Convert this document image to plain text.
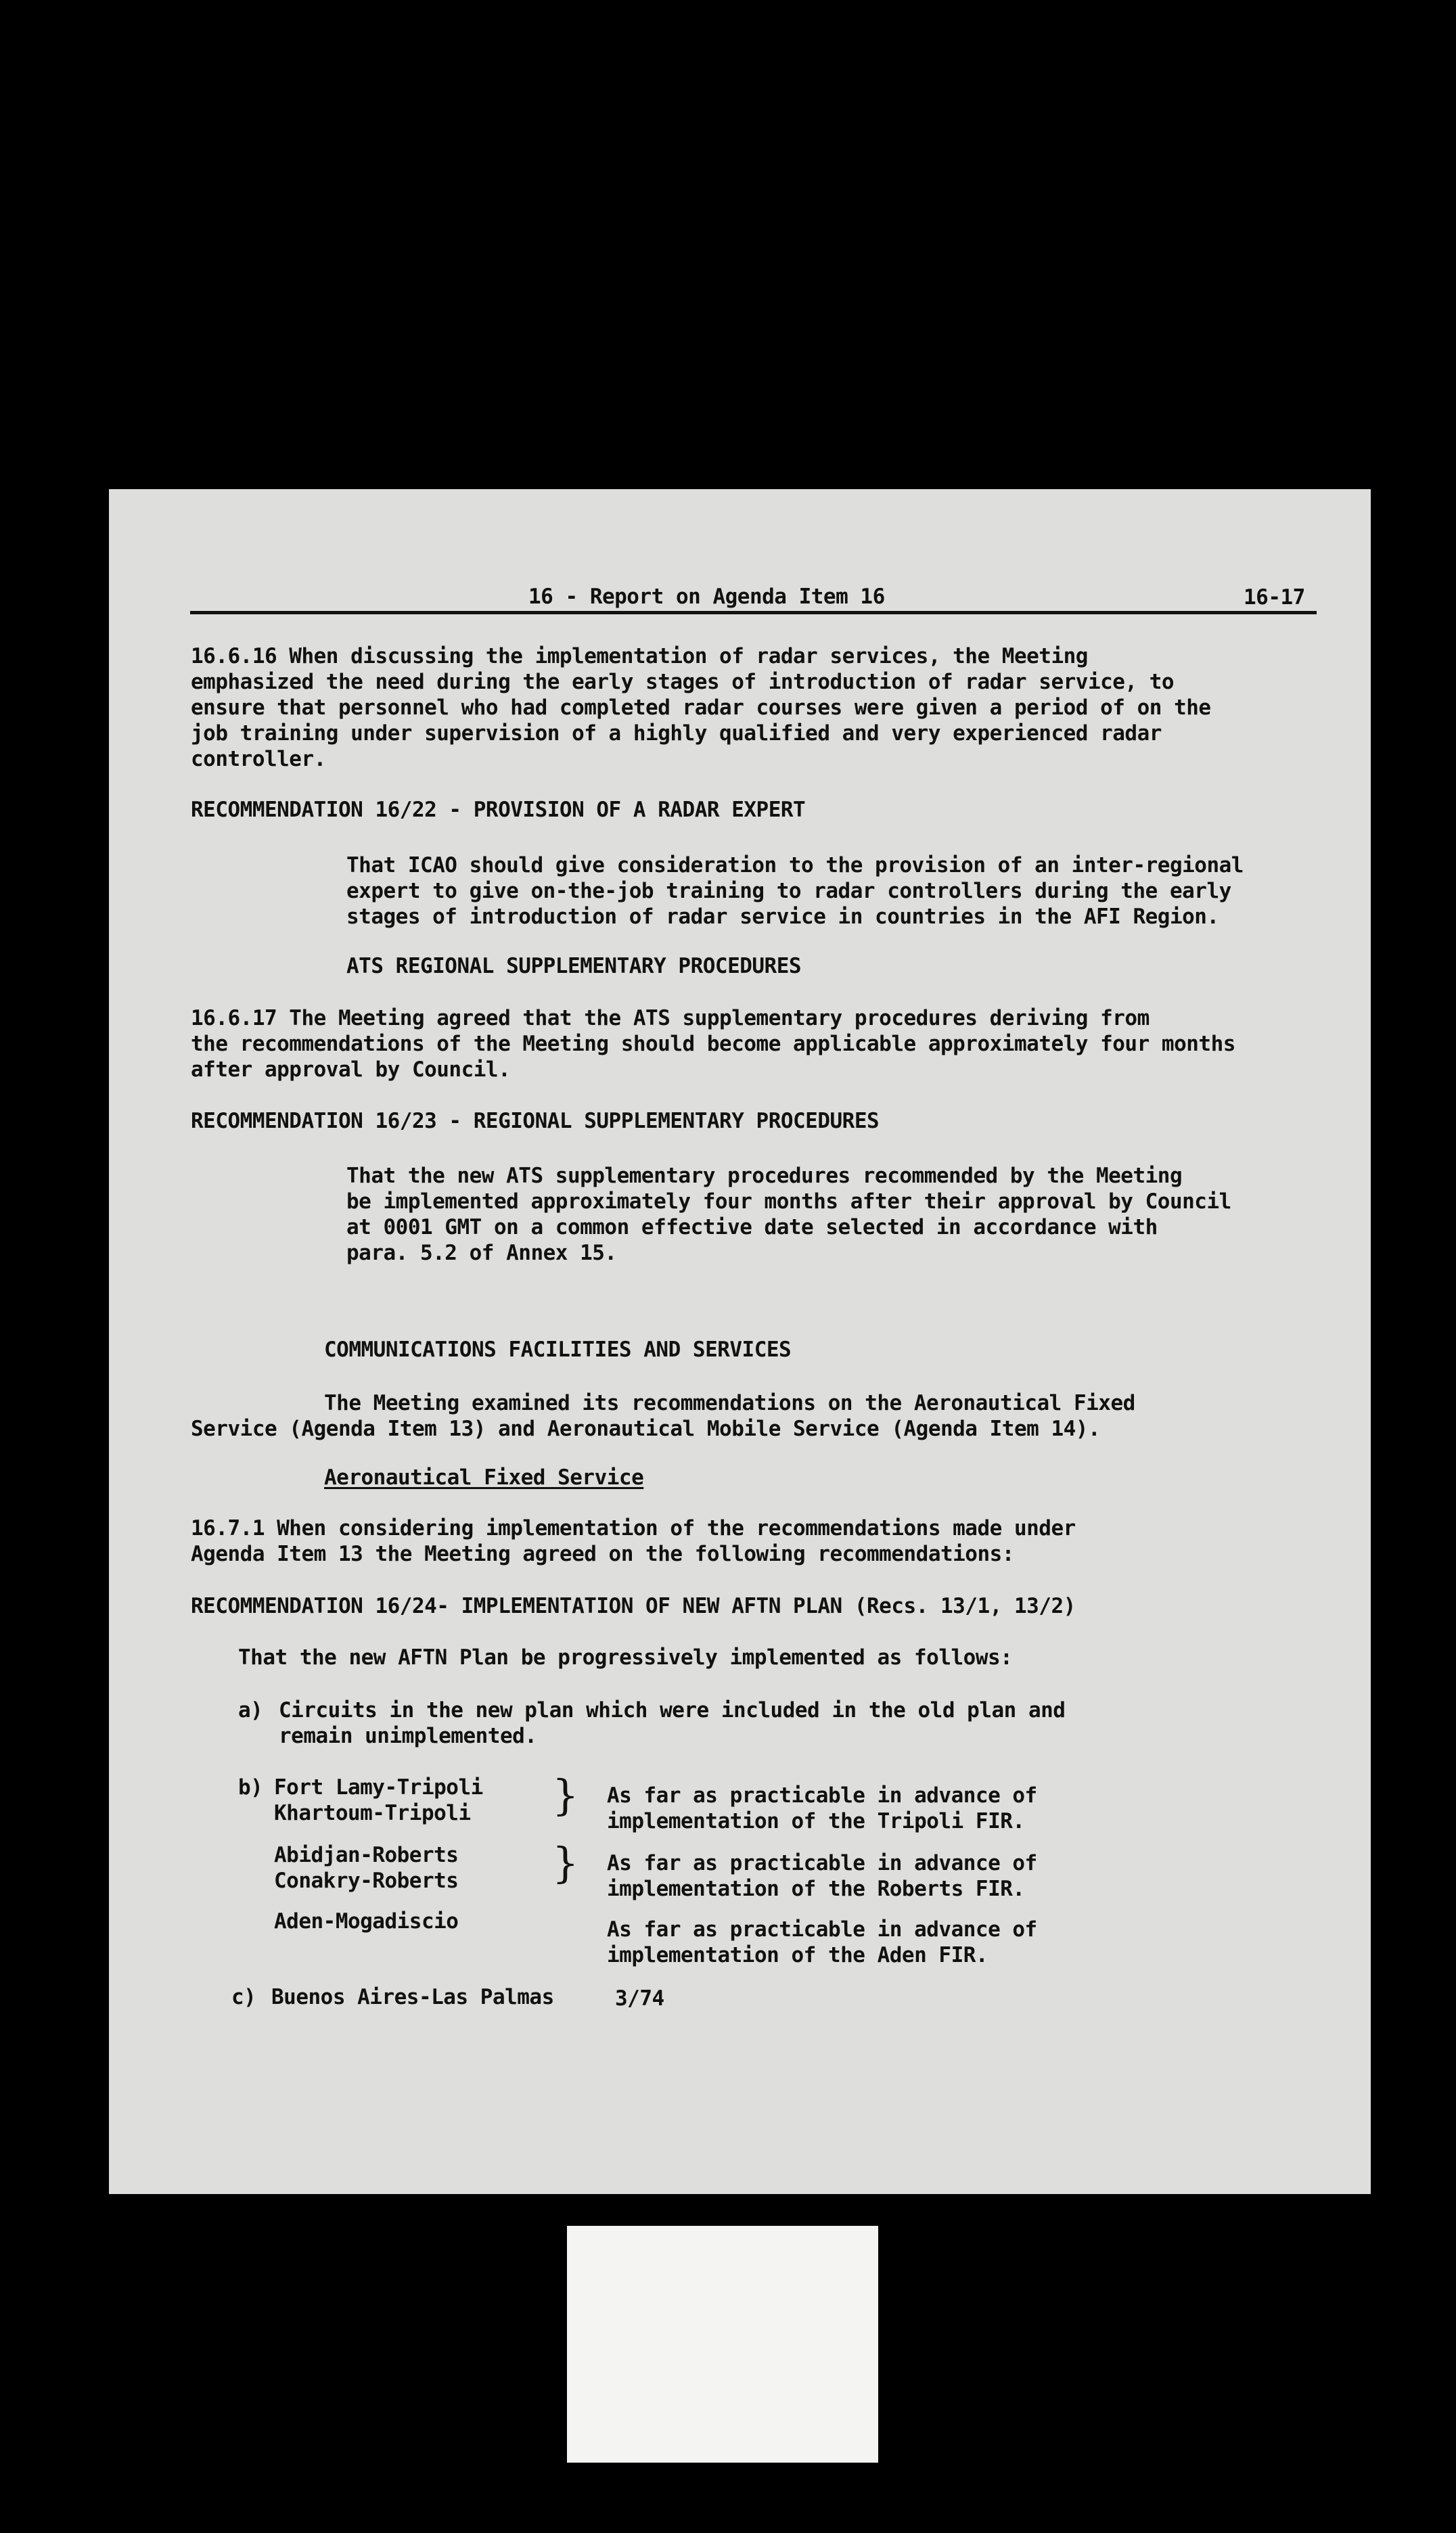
16 - Report on Agenda Item 16	16-17
16.6.16 When discussing the implementation of radar services, the Meeting
emphasized the need during the early stages of introduction of radar service, to
ensure that personnel who had completed radar courses were given a period of on the
job training under supervision of a highly qualified and very experienced radar
controller.
RECOMMENDATION 16/22 - PROVISION OF A RADAR EXPERT
That ICAO should give consideration to the provision of an inter-regional
expert to give on-the-job training to radar controllers during the early
stages of introduction of radar service in countries in the AFI Region.
ATS REGIONAL SUPPLEMENTARY PROCEDURES
16.6.17 The Meeting agreed that the ATS supplementary procedures deriving from
the recommendations of the Meeting should become applicable approximately four months
after approval by Council.
RECOMMENDATION 16/23 - REGIONAL SUPPLEMENTARY PROCEDURES
That the new ATS supplementary procedures recommended by the Meeting
be implemented approximately four months after their approval by Council
at 0001 GMT on a common effective date selected in accordance with
para. 5.2 of Annex 15.
COMMUNICATIONS FACILITIES AND SERVICES
The Meeting examined its recommendations on the Aeronautical Fixed
Service (Agenda Item 13) and Aeronautical Mobile Service (Agenda Item 14).
Aeronautical Fixed Service
16.7.1 When considering implementation of the recommendations made under
Agenda Item 13 the Meeting agreed on the following recommendations:
RECOMMENDATION 16/24- IMPLEMENTATION OF NEW AFTN PLAN (Recs. 13/1, 13/2)
That the new AFTN Plan be progressively implemented as follows:
a) Circuits in the new plan which were included in the old plan and
remain unimplemented.
b) Fort Lamy-Tripoli
Khartoum-Tripoli } As far as practicable in advance of
implementation of the Tripoli FIR.
Abidjan-Roberts
Conakry-Roberts } As far as practicable in advance of
implementation of the Roberts FIR.
Aden-Mogadiscio	As far as practicable in advance of
implementation of the Aden FIR.
c) Buenos Aires-Las Palmas	3/74
